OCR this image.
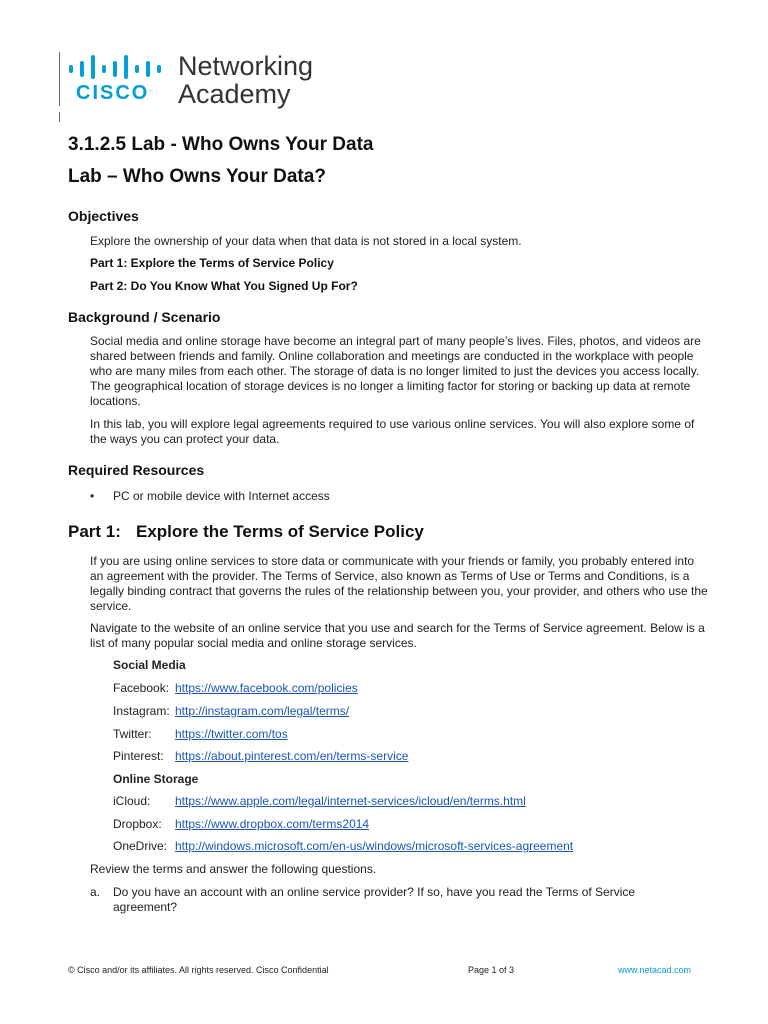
CISCO.
Networking
Academy
3.1.2.5 Lab - Who Owns Your Data
Lab – Who Owns Your Data?
Objectives

Explore the ownership of your data when that data is not stored in a local system.

Part 1: Explore the Terms of Service Policy

Part 2: Do You Know What You Signed Up For?

Background / Scenario

Social media and online storage have become an integral part of many people’s lives. Files, photos, and videos are shared between friends and family. Online collaboration and meetings are conducted in the workplace with people who are many miles from each other. The storage of data is no longer limited to just the devices you access locally. The geographical location of storage devices is no longer a limiting factor for storing or backing up data at remote locations.

In this lab, you will explore legal agreements required to use various online services. You will also explore some of the ways you can protect your data.

Required Resources
• PC or mobile device with Internet access
Part 1: Explore the Terms of Service Policy

If you are using online services to store data or communicate with your friends or family, you probably entered into an agreement with the provider. The Terms of Service, also known as Terms of Use or Terms and Conditions, is a legally binding contract that governs the rules of the relationship between you, your provider, and others who use the service.

Navigate to the website of an online service that you use and search for the Terms of Service agreement. Below is a list of many popular social media and online storage services.

Social Media

Facebook: https://www.facebook.com/policies
Instagram: http://instagram.com/legal/terms/
Twitter: https://twitter.com/tos
Pinterest: https://about.pinterest.com/en/terms-service

Online Storage

iCloud: https://www.apple.com/legal/internet-services/icloud/en/terms.html
Dropbox: https://www.dropbox.com/terms2014
OneDrive: http://windows.microsoft.com/en-us/windows/microsoft-services-agreement

Review the terms and answer the following questions.

a. Do you have an account with an online service provider? If so, have you read the Terms of Service agreement?
© Cisco and/or its affiliates. All rights reserved. Cisco Confidential	Page 1 of 3	www.netacad.com
